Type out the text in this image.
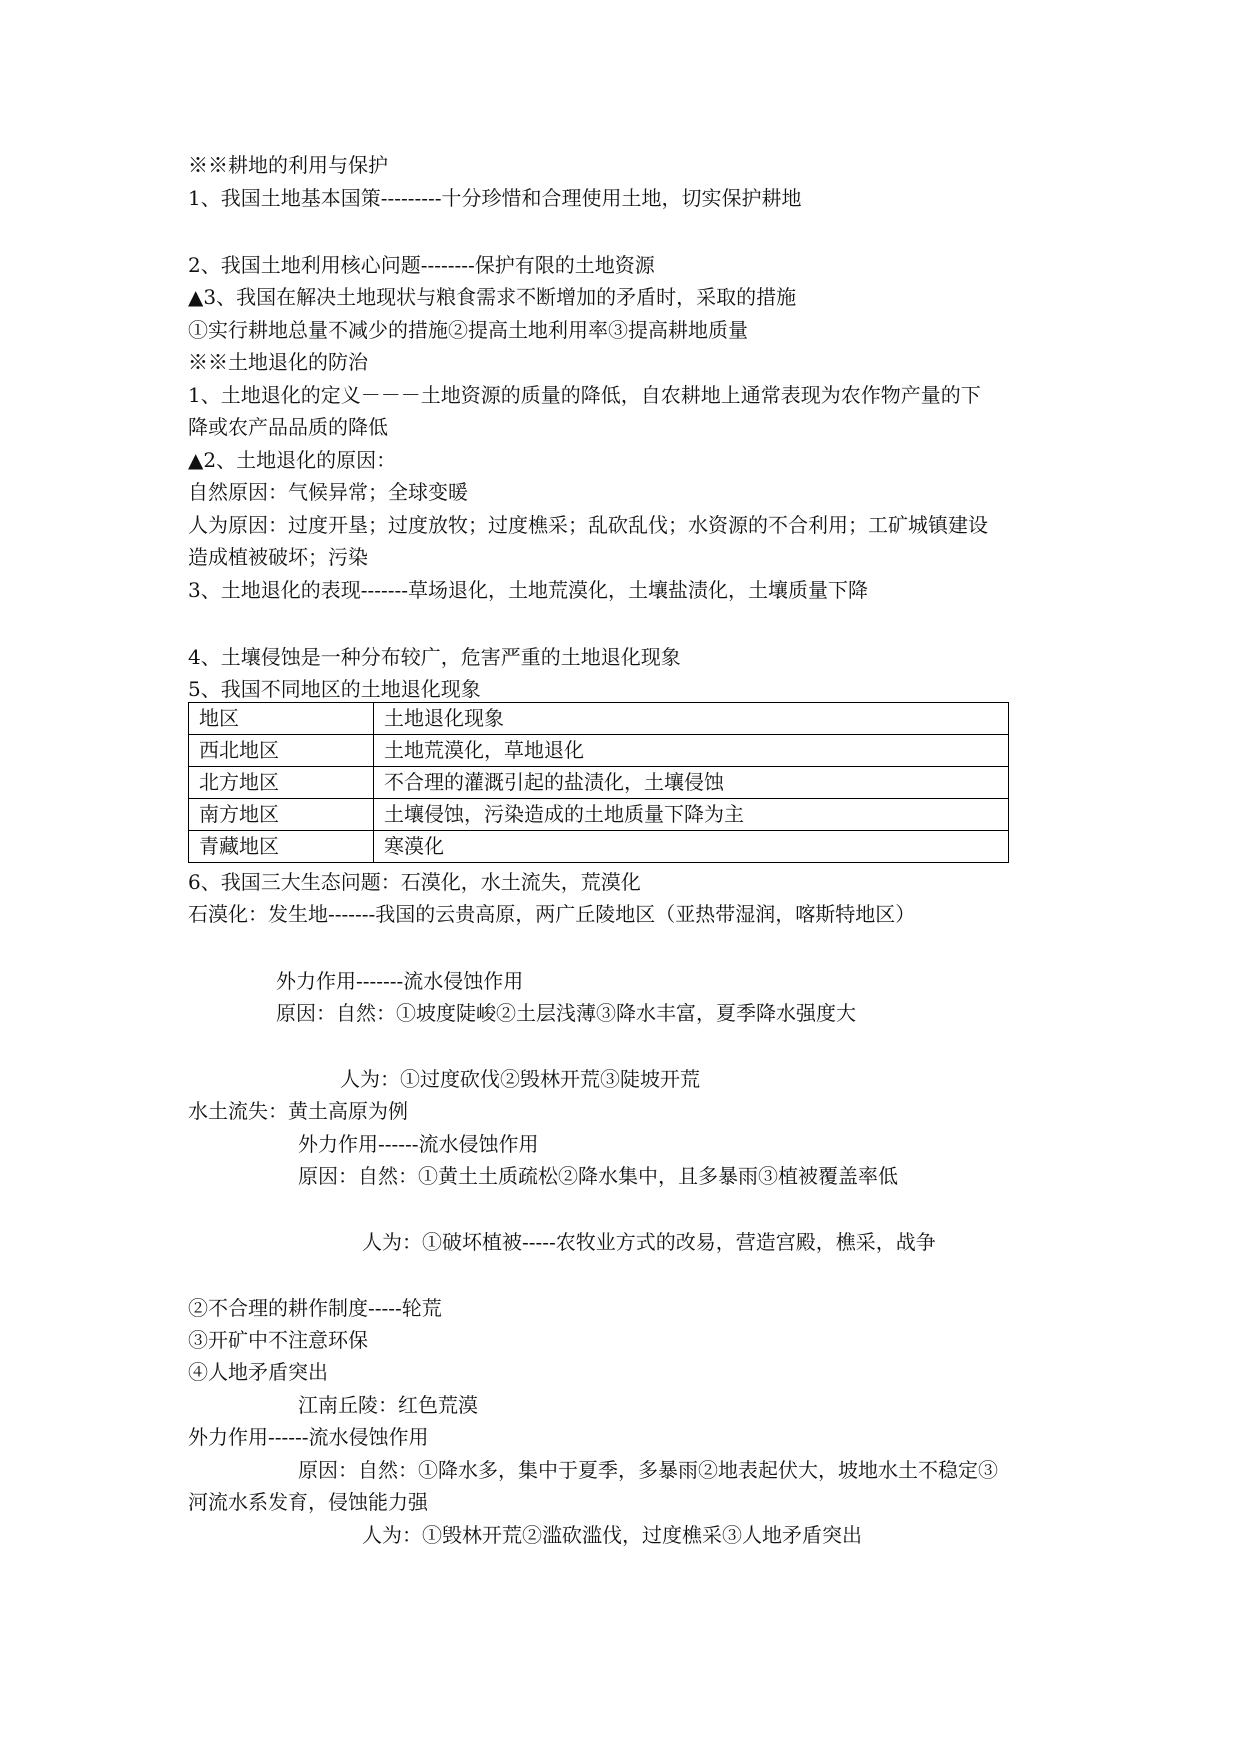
※※耕地的利用与保护
1、我国土地基本国策---------十分珍惜和合理使用土地，切实保护耕地
2、我国土地利用核心问题--------保护有限的土地资源
▲3、我国在解决土地现状与粮食需求不断增加的矛盾时，采取的措施
①实行耕地总量不减少的措施②提高土地利用率③提高耕地质量
※※土地退化的防治
1、土地退化的定义－－－土地资源的质量的降低，自农耕地上通常表现为农作物产量的下
降或农产品品质的降低
▲2、土地退化的原因：
自然原因：气候异常；全球变暖
人为原因：过度开垦；过度放牧；过度樵采；乱砍乱伐；水资源的不合利用；工矿城镇建设
造成植被破坏；污染
3、土地退化的表现-------草场退化，土地荒漠化，土壤盐渍化，土壤质量下降
4、土壤侵蚀是一种分布较广，危害严重的土地退化现象
5、我国不同地区的土地退化现象
地区	土地退化现象
西北地区	土地荒漠化，草地退化
北方地区	不合理的灌溉引起的盐渍化，土壤侵蚀
南方地区	土壤侵蚀，污染造成的土地质量下降为主
青藏地区	寒漠化
6、我国三大生态问题：石漠化，水土流失，荒漠化
石漠化：发生地-------我国的云贵高原，两广丘陵地区（亚热带湿润，喀斯特地区）
外力作用-------流水侵蚀作用
原因：自然：①坡度陡峻②土层浅薄③降水丰富，夏季降水强度大
人为：①过度砍伐②毁林开荒③陡坡开荒
水土流失：黄土高原为例
外力作用------流水侵蚀作用
原因：自然：①黄土土质疏松②降水集中，且多暴雨③植被覆盖率低
人为：①破坏植被-----农牧业方式的改易，营造宫殿，樵采，战争
②不合理的耕作制度-----轮荒
③开矿中不注意环保
④人地矛盾突出
江南丘陵：红色荒漠
外力作用------流水侵蚀作用
原因：自然：①降水多，集中于夏季，多暴雨②地表起伏大，坡地水土不稳定③
河流水系发育，侵蚀能力强
人为：①毁林开荒②滥砍滥伐，过度樵采③人地矛盾突出
